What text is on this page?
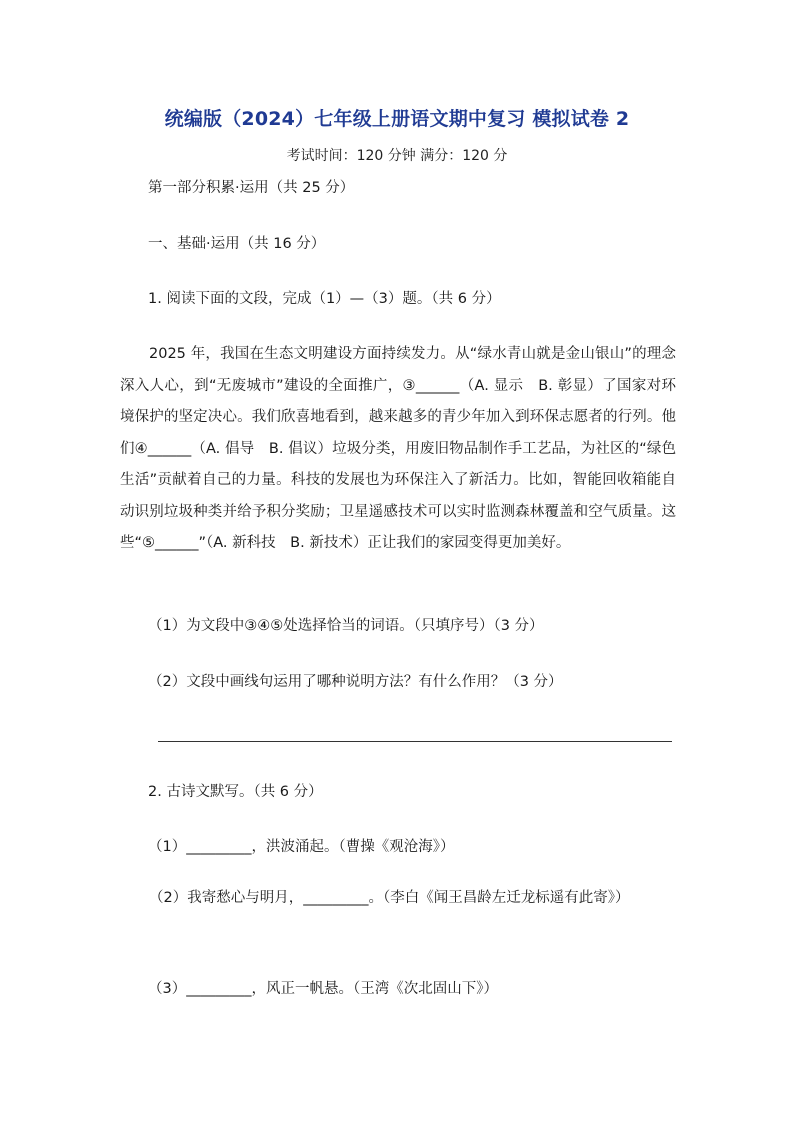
统编版（2024）七年级上册语文期中复习 模拟试卷 2
考试时间：120 分钟 满分：120 分
第一部分积累·运用（共 25 分）
一、基础·运用（共 16 分）
1. 阅读下面的文段，完成（1）—（3）题。（共 6 分）
2025 年，我国在生态文明建设方面持续发力。从“绿水青山就是金山银山”的理念深入人心，到“无废城市”建设的全面推广，③______（A. 显示　B. 彰显）了国家对环境保护的坚定决心。我们欣喜地看到，越来越多的青少年加入到环保志愿者的行列。他们④______（A. 倡导　B. 倡议）垃圾分类，用废旧物品制作手工艺品，为社区的“绿色生活”贡献着自己的力量。科技的发展也为环保注入了新活力。比如，智能回收箱能自动识别垃圾种类并给予积分奖励；卫星遥感技术可以实时监测森林覆盖和空气质量。这些“⑤______”（A. 新科技　B. 新技术）正让我们的家园变得更加美好。
（1）为文段中③④⑤处选择恰当的词语。（只填序号）（3 分）
（2）文段中画线句运用了哪种说明方法？有什么作用？（3 分）
2. 古诗文默写。（共 6 分）
（1）_________，洪波涌起。（曹操《观沧海》）
（2）我寄愁心与明月，_________。（李白《闻王昌龄左迁龙标遥有此寄》）
（3）_________，风正一帆悬。（王湾《次北固山下》）
